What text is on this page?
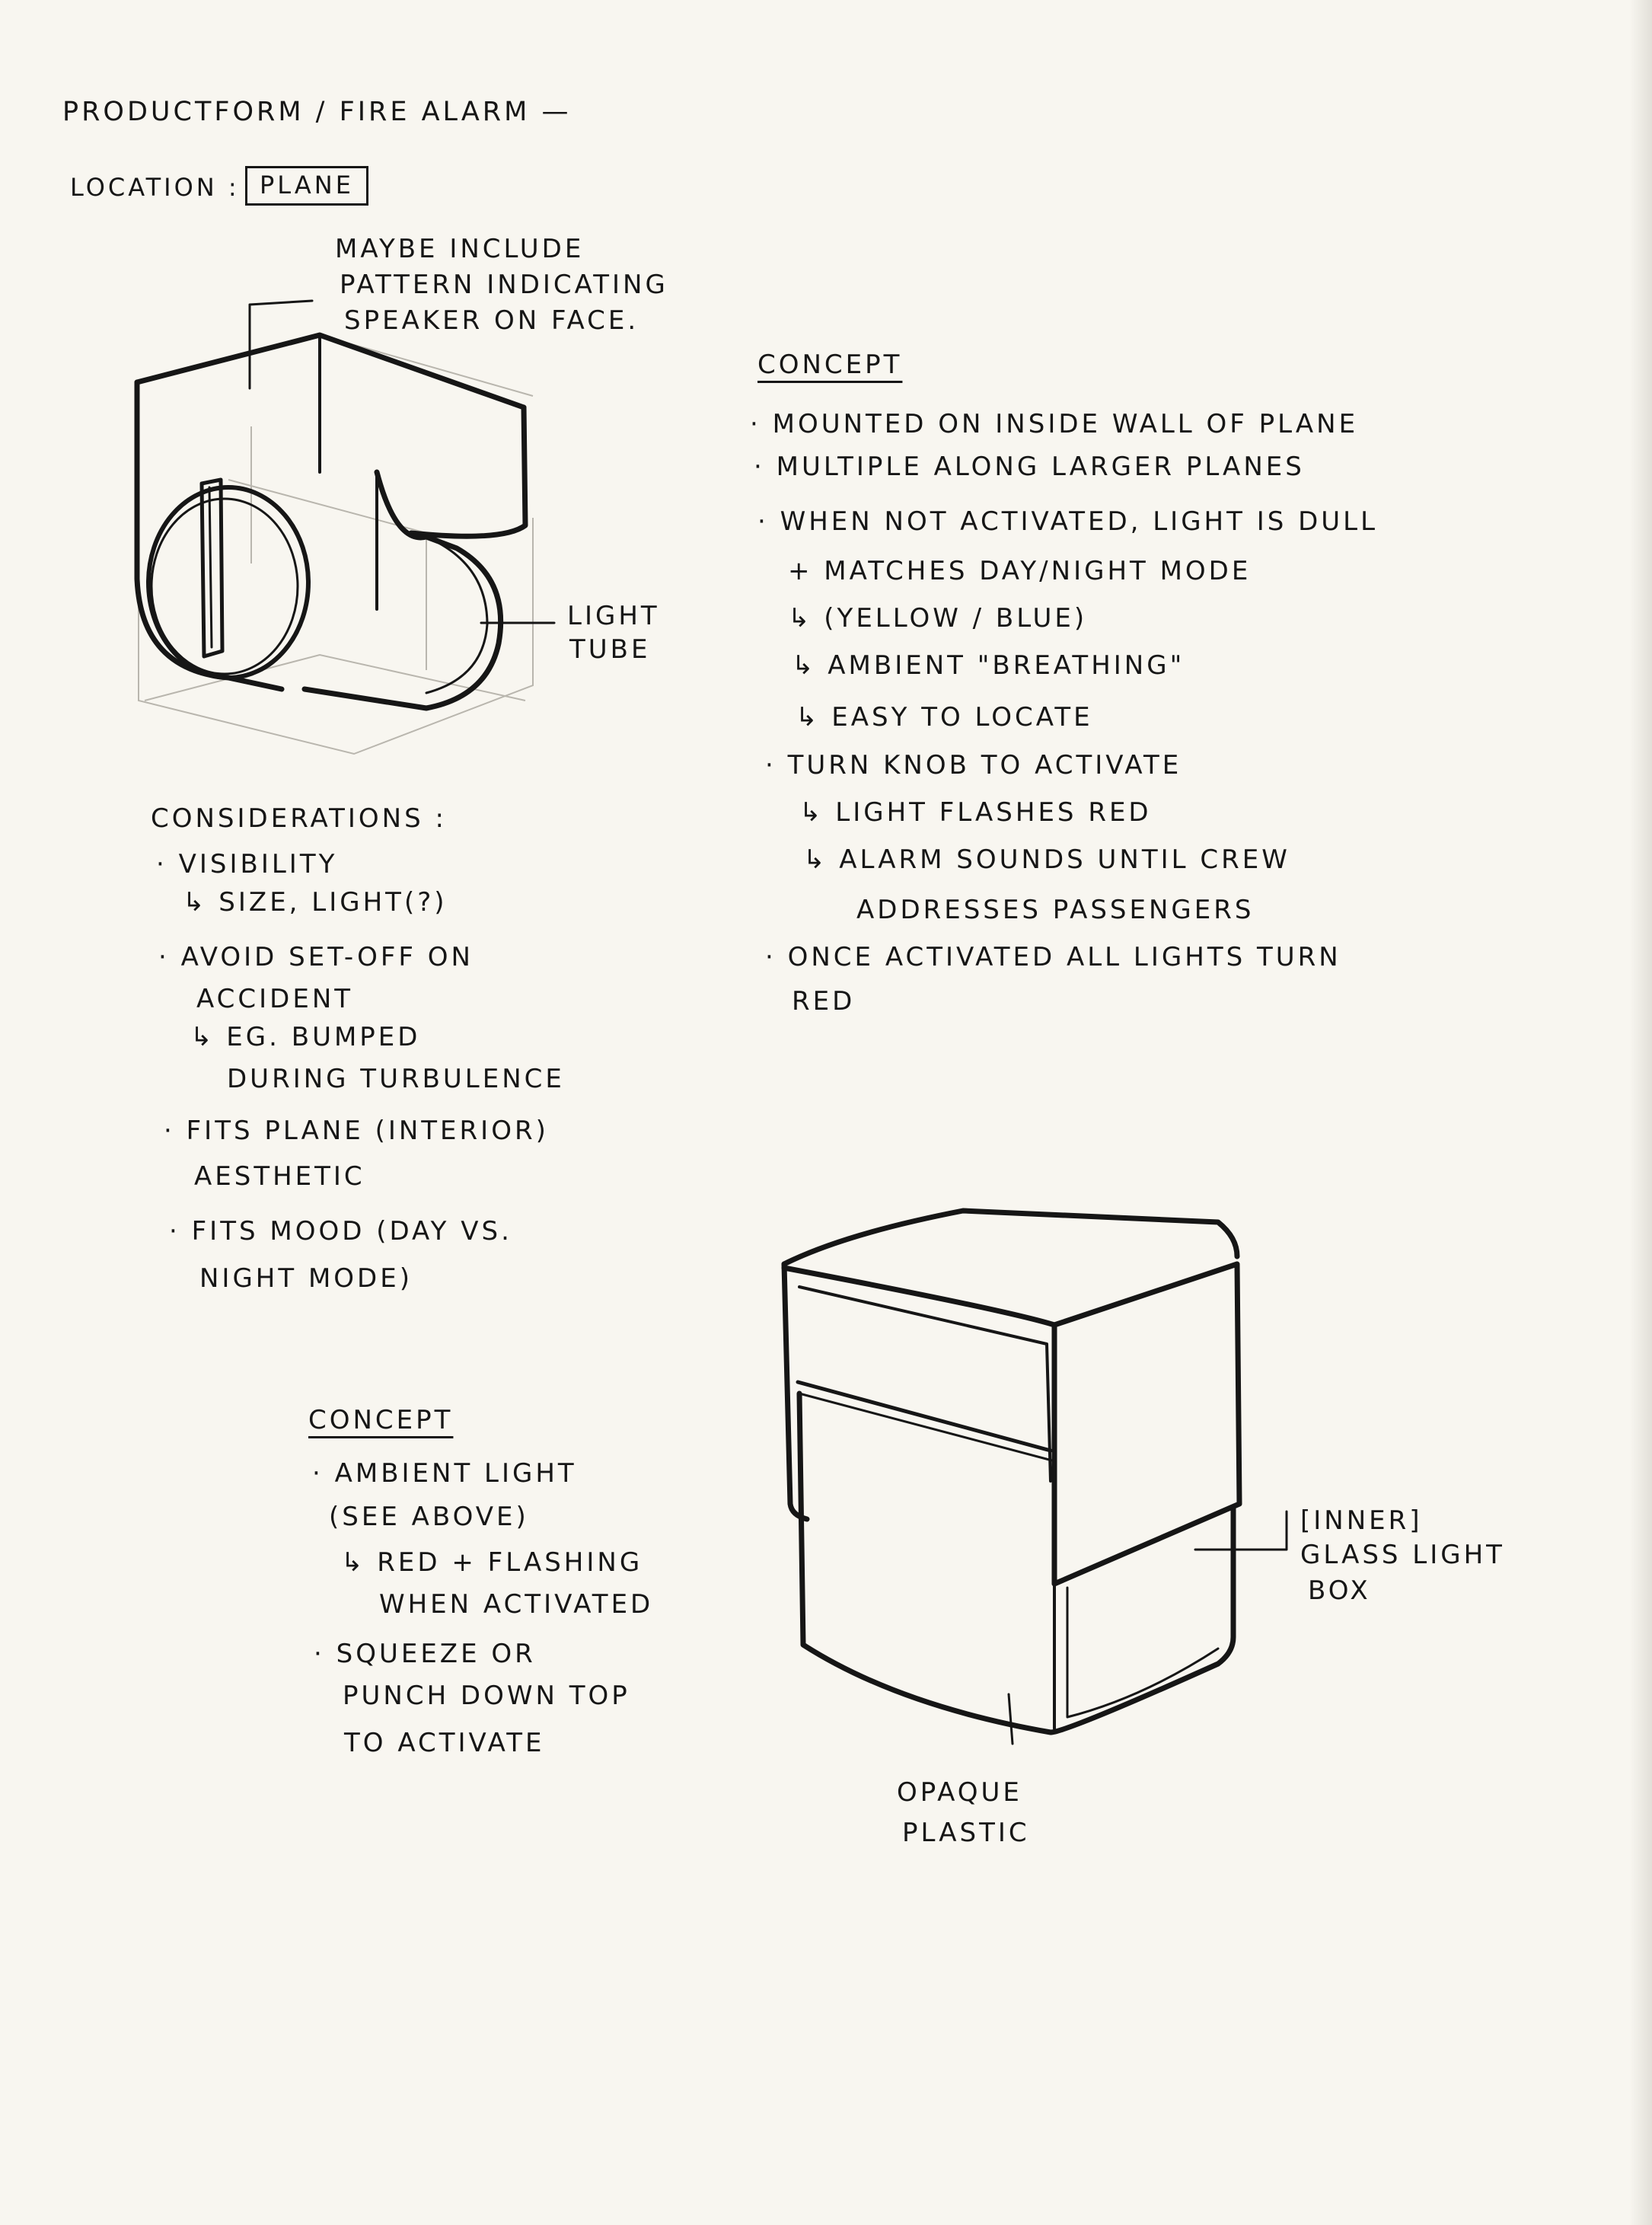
PRODUCTFORM / FIRE ALARM —
LOCATION : PLANE
MAYBE INCLUDE
PATTERN INDICATING
SPEAKER ON FACE.
LIGHT
TUBE
CONCEPT
· MOUNTED ON INSIDE WALL OF PLANE
· MULTIPLE ALONG LARGER PLANES
· WHEN NOT ACTIVATED, LIGHT IS DULL
+ MATCHES DAY/NIGHT MODE
↳ (YELLOW / BLUE)
↳ AMBIENT "BREATHING"
↳ EASY TO LOCATE
· TURN KNOB TO ACTIVATE
↳ LIGHT FLASHES RED
↳ ALARM SOUNDS UNTIL CREW
ADDRESSES PASSENGERS
· ONCE ACTIVATED ALL LIGHTS TURN
RED
CONSIDERATIONS :
· VISIBILITY
↳ SIZE, LIGHT(?)
· AVOID SET-OFF ON
ACCIDENT
↳ EG. BUMPED
DURING TURBULENCE
· FITS PLANE (INTERIOR)
AESTHETIC
· FITS MOOD (DAY VS.
NIGHT MODE)
CONCEPT
· AMBIENT LIGHT
(SEE ABOVE)
↳ RED + FLASHING
WHEN ACTIVATED
· SQUEEZE OR
PUNCH DOWN TOP
TO ACTIVATE
[INNER]
GLASS LIGHT
BOX
OPAQUE
PLASTIC
